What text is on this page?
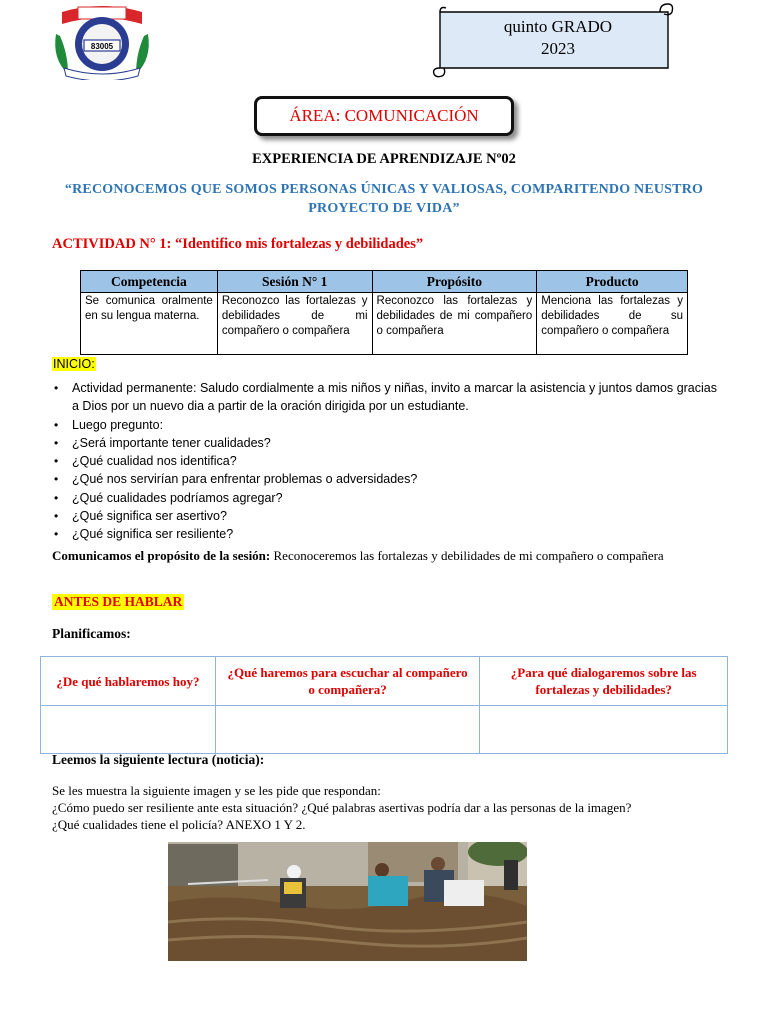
83005
quinto GRADO
2023
ÁREA: COMUNICACIÓN
EXPERIENCIA DE APRENDIZAJE Nº02
“RECONOCEMOS QUE SOMOS PERSONAS ÚNICAS Y VALIOSAS, COMPARITENDO NEUSTRO PROYECTO DE VIDA”
ACTIVIDAD N° 1: “Identifico mis fortalezas y debilidades”
Competencia	Sesión N° 1	Propósito	Producto
Se comunica oralmente en su lengua materna.	Reconozco las fortalezas y debilidades de mi compañero o compañera	Reconozco las fortalezas y debilidades de mi compañero o compañera	Menciona las fortalezas y debilidades de su compañero o compañera
INICIO:
• Actividad permanente: Saludo cordialmente a mis niños y niñas, invito a marcar la asistencia y juntos damos gracias a Dios por un nuevo dia a partir de la oración dirigida por un estudiante.
• Luego pregunto:
• ¿Será importante tener cualidades?
• ¿Qué cualidad nos identifica?
• ¿Qué nos servirían para enfrentar problemas o adversidades?
• ¿Qué cualidades podríamos agregar?
• ¿Qué significa ser asertivo?
• ¿Qué significa ser resiliente?
Comunicamos el propósito de la sesión: Reconoceremos las fortalezas y debilidades de mi compañero o compañera
ANTES DE HABLAR
Planificamos:
¿De qué hablaremos hoy?	¿Qué haremos para escuchar al compañero o compañera?	¿Para qué dialogaremos sobre las fortalezas y debilidades?

Leemos la siguiente lectura (noticia):
Se les muestra la siguiente imagen y se les pide que respondan:
¿Cómo puedo ser resiliente ante esta situación? ¿Qué palabras asertivas podría dar a las personas de la imagen?
¿Qué cualidades tiene el policía? ANEXO 1 Y 2.
